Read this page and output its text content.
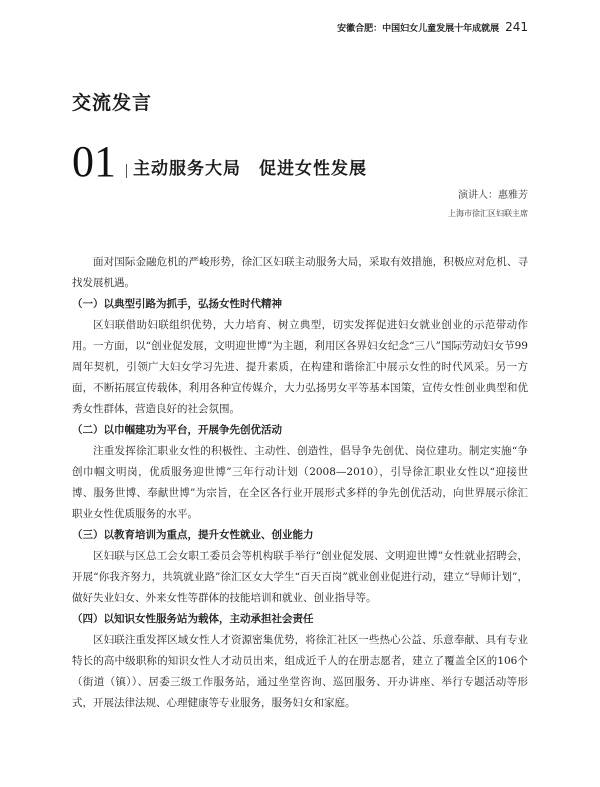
安徽合肥：中国妇女儿童发展十年成就展 241
交流发言
01 主动服务大局　促进女性发展
演讲人：惠雅芳
上海市徐汇区妇联主席

面对国际金融危机的严峻形势，徐汇区妇联主动服务大局，采取有效措施，积极应对危机、寻找发展机遇。

（一）以典型引路为抓手，弘扬女性时代精神

区妇联借助妇联组织优势，大力培育、树立典型，切实发挥促进妇女就业创业的示范带动作用。一方面，以“创业促发展，文明迎世博”为主题，利用区各界妇女纪念“三八”国际劳动妇女节99周年契机，引领广大妇女学习先进、提升素质，在构建和谐徐汇中展示女性的时代风采。另一方面，不断拓展宣传载体，利用各种宣传媒介，大力弘扬男女平等基本国策，宣传女性创业典型和优秀女性群体，营造良好的社会氛围。

（二）以巾帼建功为平台，开展争先创优活动

注重发挥徐汇职业女性的积极性、主动性、创造性，倡导争先创优、岗位建功。制定实施“争创巾帼文明岗，优质服务迎世博”三年行动计划（2008—2010），引导徐汇职业女性以“迎接世博、服务世博、奉献世博”为宗旨，在全区各行业开展形式多样的争先创优活动，向世界展示徐汇职业女性优质服务的水平。

（三）以教育培训为重点，提升女性就业、创业能力

区妇联与区总工会女职工委员会等机构联手举行“创业促发展、文明迎世博”女性就业招聘会，开展“你我齐努力，共筑就业路”徐汇区女大学生“百天百岗”就业创业促进行动，建立“导师计划”，做好失业妇女、外来女性等群体的技能培训和就业、创业指导等。

（四）以知识女性服务站为载体，主动承担社会责任

区妇联注重发挥区域女性人才资源密集优势，将徐汇社区一些热心公益、乐意奉献、具有专业特长的高中级职称的知识女性人才动员出来，组成近千人的在册志愿者，建立了覆盖全区的106个（街道（镇））、居委三级工作服务站，通过坐堂咨询、巡回服务、开办讲座、举行专题活动等形式，开展法律法规、心理健康等专业服务，服务妇女和家庭。
